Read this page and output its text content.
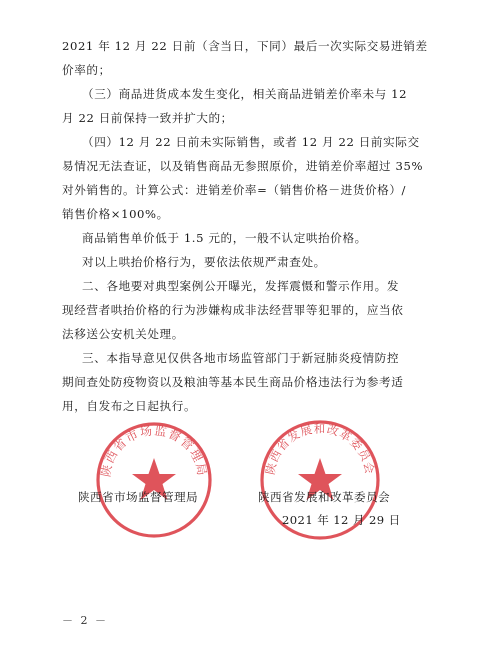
2021 年 12 月 22 日前（含当日，下同）最后一次实际交易进销差
价率的；
（三）商品进货成本发生变化，相关商品进销差价率未与 12
月 22 日前保持一致并扩大的；
（四）12 月 22 日前未实际销售，或者 12 月 22 日前实际交
易情况无法查证，以及销售商品无参照原价，进销差价率超过 35%
对外销售的。计算公式：进销差价率=（销售价格－进货价格）/
销售价格×100%。
商品销售单价低于 1.5 元的，一般不认定哄抬价格。
对以上哄抬价格行为，要依法依规严肃查处。
二、各地要对典型案例公开曝光，发挥震慑和警示作用。发
现经营者哄抬价格的行为涉嫌构成非法经营罪等犯罪的，应当依
法移送公安机关处理。
三、本指导意见仅供各地市场监管部门于新冠肺炎疫情防控
期间查处防疫物资以及粮油等基本民生商品价格违法行为参考适
用，自发布之日起执行。
陕西省市场监督管理局	陕西省发展和改革委员会
陕西省市场监督管理局	陕西省发展和改革委员会
2021 年 12 月 29 日
－ 2 －
